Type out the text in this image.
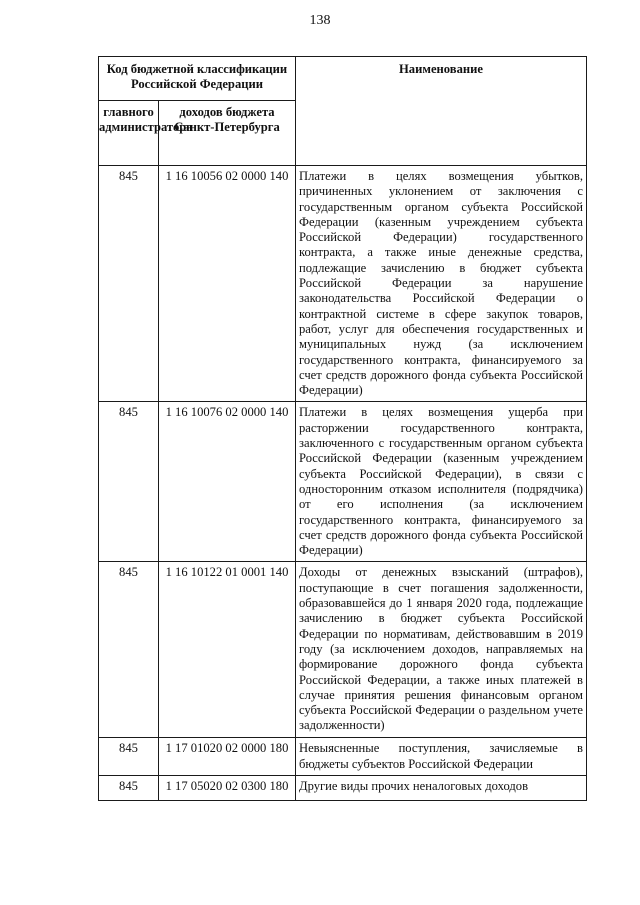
138
Код бюджетной классификации Российской Федерации		Наименование
главного администратора	доходов бюджета Санкт-Петербурга	
845	1 16 10056 02 0000 140	Платежи в целях возмещения убытков, причиненных уклонением от заключения с государственным органом субъекта Российской Федерации (казенным учреждением субъекта Российской Федерации) государственного контракта, а также иные денежные средства, подлежащие зачислению в бюджет субъекта Российской Федерации за нарушение законодательства Российской Федерации о контрактной системе в сфере закупок товаров, работ, услуг для обеспечения государственных и муниципальных нужд (за исключением государственного контракта, финансируемого за счет средств дорожного фонда субъекта Российской Федерации)
845	1 16 10076 02 0000 140	Платежи в целях возмещения ущерба при расторжении государственного контракта, заключенного с государственным органом субъекта Российской Федерации (казенным учреждением субъекта Российской Федерации), в связи с односторонним отказом исполнителя (подрядчика) от его исполнения (за исключением государственного контракта, финансируемого за счет средств дорожного фонда субъекта Российской Федерации)
845	1 16 10122 01 0001 140	Доходы от денежных взысканий (штрафов), поступающие в счет погашения задолженности, образовавшейся до 1 января 2020 года, подлежащие зачислению в бюджет субъекта Российской Федерации по нормативам, действовавшим в 2019 году (за исключением доходов, направляемых на формирование дорожного фонда субъекта Российской Федерации, а также иных платежей в случае принятия решения финансовым органом субъекта Российской Федерации о раздельном учете задолженности)
845	1 17 01020 02 0000 180	Невыясненные поступления, зачисляемые в бюджеты субъектов Российской Федерации
845	1 17 05020 02 0300 180	Другие виды прочих неналоговых доходов
